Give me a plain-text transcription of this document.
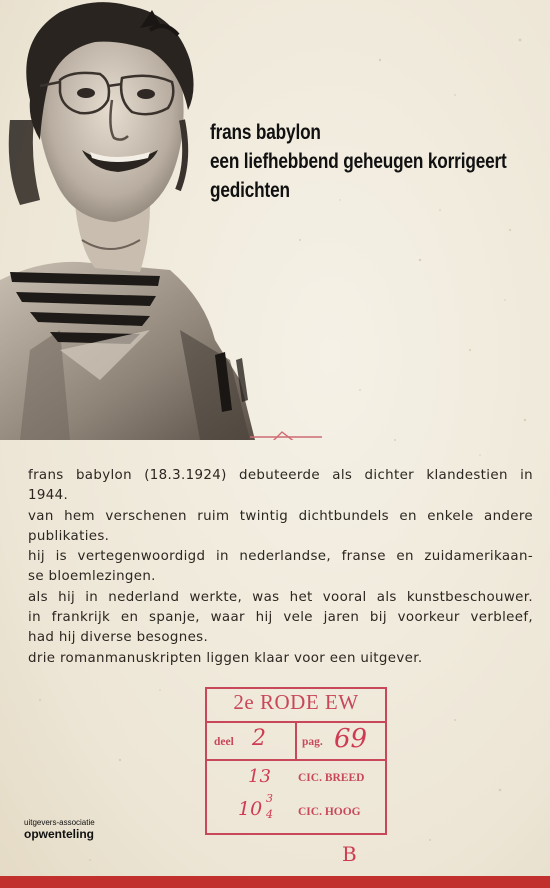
frans babylon
een liefhebbend geheugen korrigeert
gedichten

frans babylon (18.3.1924) debuteerde als dichter klandestien in

1944.

van hem verschenen ruim twintig dichtbundels en enkele andere

publikaties.

hij is vertegenwoordigd in nederlandse, franse en zuidamerikaan-

se bloemlezingen.

als hij in nederland werkte, was het vooral als kunstbeschouwer.

in frankrijk en spanje, waar hij vele jaren bij voorkeur verbleef,

had hij diverse besognes.

drie romanmanuskripten liggen klaar voor een uitgever.

uitgevers-associatie
opwenteling
2e RODE EW
deel 2	pag. 69
13 CIC. BREED
10 3
4 CIC. HOOG
B
